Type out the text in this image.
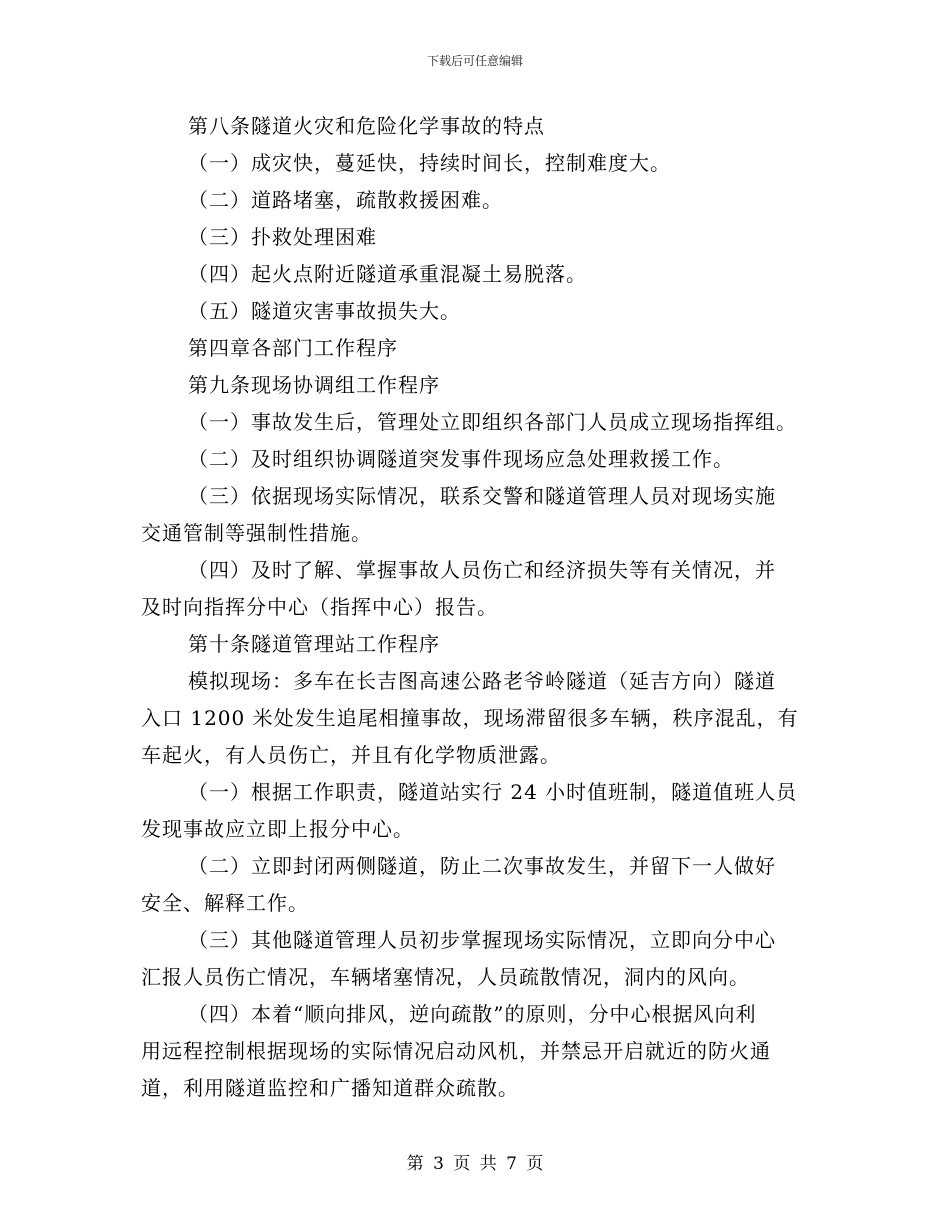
下载后可任意编辑
第八条隧道火灾和危险化学事故的特点
（一）成灾快，蔓延快，持续时间长，控制难度大。
（二）道路堵塞，疏散救援困难。
（三）扑救处理困难
（四）起火点附近隧道承重混凝土易脱落。
（五）隧道灾害事故损失大。
第四章各部门工作程序
第九条现场协调组工作程序
（一）事故发生后，管理处立即组织各部门人员成立现场指挥组。
（二）及时组织协调隧道突发事件现场应急处理救援工作。
（三）依据现场实际情况，联系交警和隧道管理人员对现场实施
交通管制等强制性措施。
（四）及时了解、掌握事故人员伤亡和经济损失等有关情况，并
及时向指挥分中心（指挥中心）报告。
第十条隧道管理站工作程序
模拟现场：多车在长吉图高速公路老爷岭隧道（延吉方向）隧道
入口 1200 米处发生追尾相撞事故，现场滞留很多车辆，秩序混乱，有
车起火，有人员伤亡，并且有化学物质泄露。
（一）根据工作职责，隧道站实行 24 小时值班制，隧道值班人员
发现事故应立即上报分中心。
（二）立即封闭两侧隧道，防止二次事故发生，并留下一人做好
安全、解释工作。
（三）其他隧道管理人员初步掌握现场实际情况，立即向分中心
汇报人员伤亡情况，车辆堵塞情况，人员疏散情况，洞内的风向。
（四）本着“顺向排风，逆向疏散”的原则，分中心根据风向利
用远程控制根据现场的实际情况启动风机，并禁忌开启就近的防火通
道，利用隧道监控和广播知道群众疏散。
第 3 页 共 7 页
